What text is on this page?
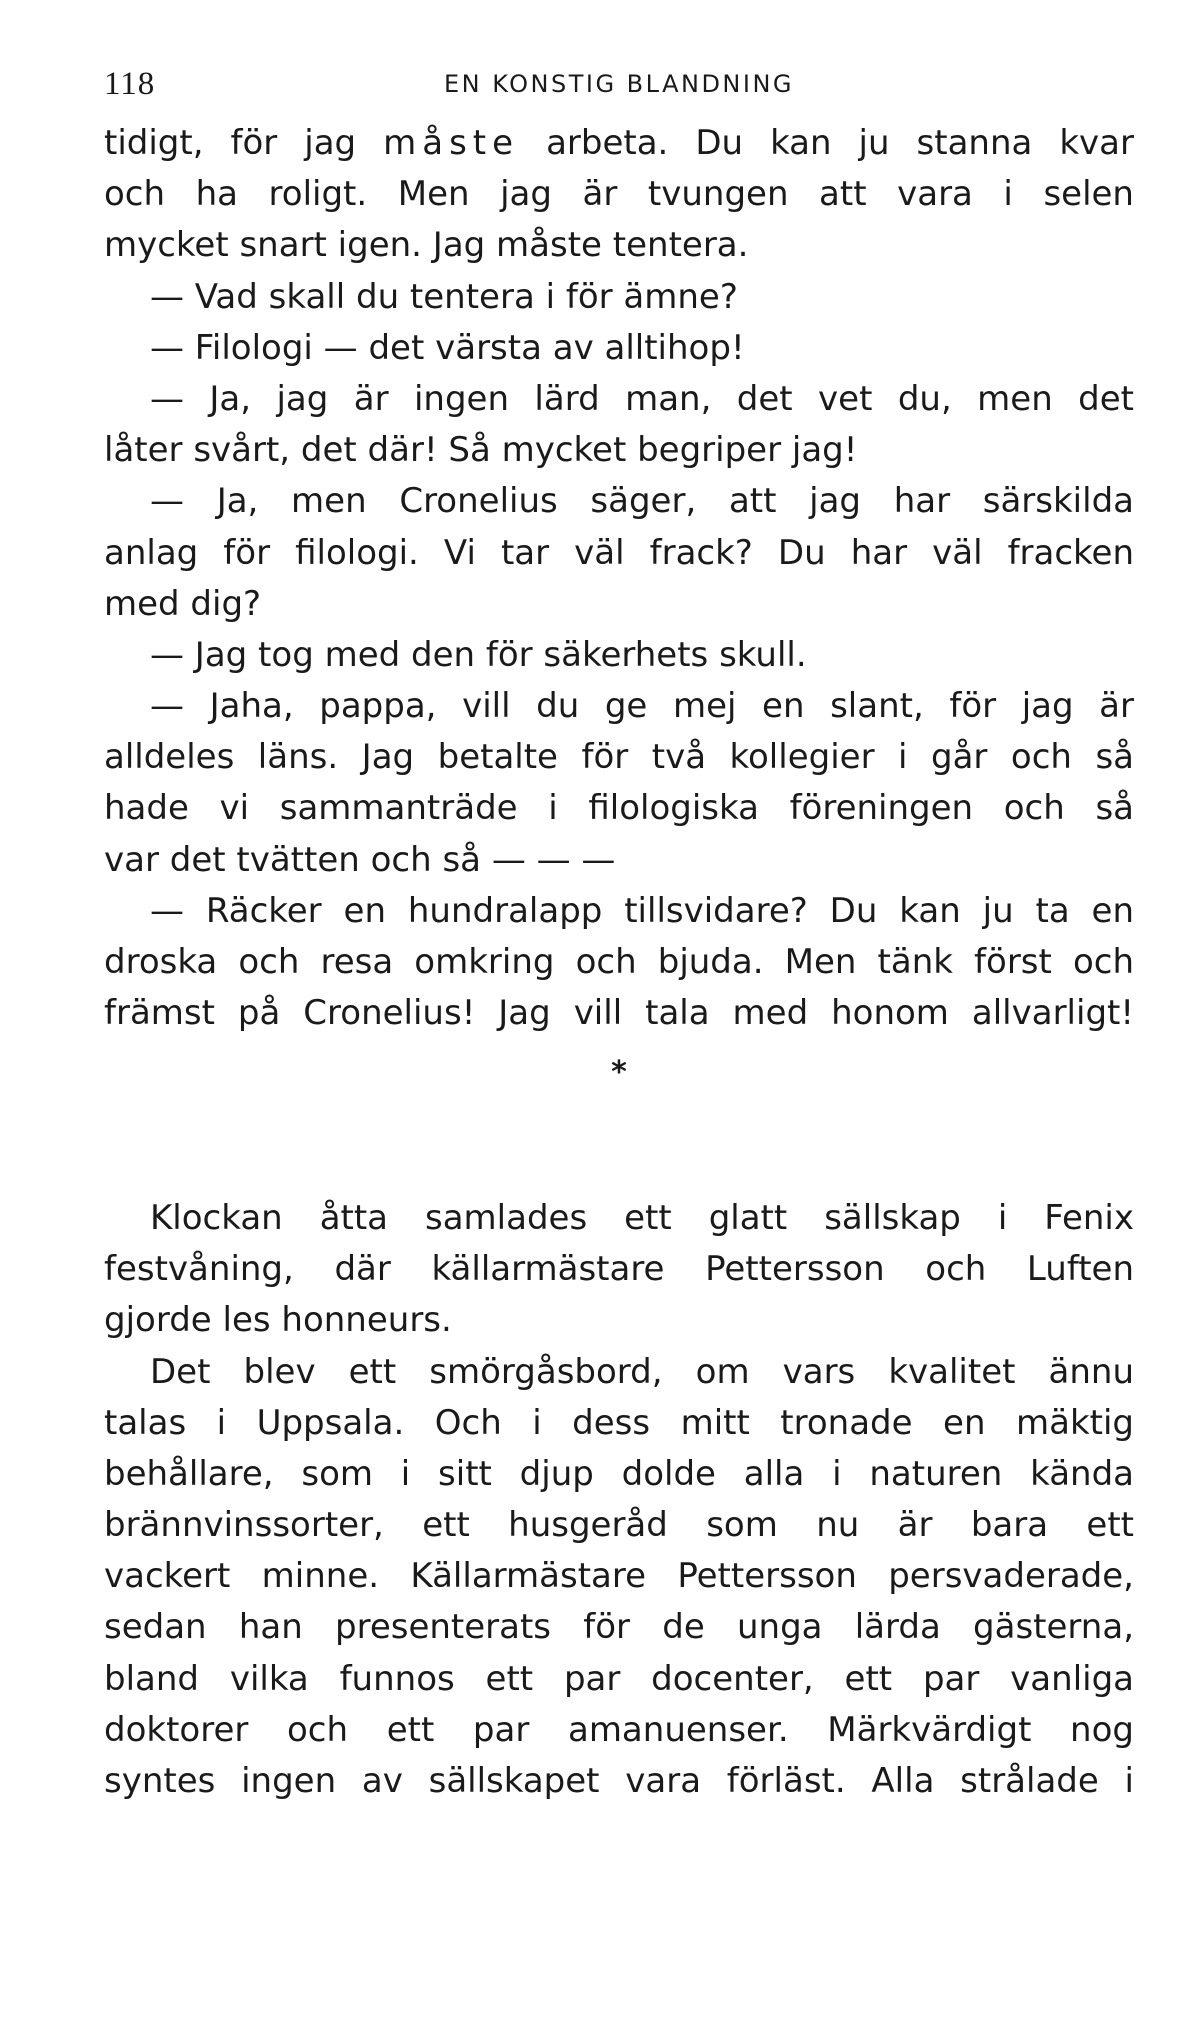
118	EN KONSTIG BLANDNING
tidigt, för jag måste arbeta. Du kan ju stanna kvar
och ha roligt. Men jag är tvungen att vara i selen
mycket snart igen. Jag måste tentera.
— Vad skall du tentera i för ämne?
— Filologi — det värsta av alltihop!
— Ja, jag är ingen lärd man, det vet du, men det
låter svårt, det där! Så mycket begriper jag!
— Ja, men Cronelius säger, att jag har särskilda
anlag för filologi. Vi tar väl frack? Du har väl fracken
med dig?
— Jag tog med den för säkerhets skull.
— Jaha, pappa, vill du ge mej en slant, för jag är
alldeles läns. Jag betalte för två kollegier i går och så
hade vi sammanträde i filologiska föreningen och så
var det tvätten och så — — —
— Räcker en hundralapp tillsvidare? Du kan ju ta en
droska och resa omkring och bjuda. Men tänk först och
främst på Cronelius! Jag vill tala med honom allvarligt!
*
Klockan åtta samlades ett glatt sällskap i Fenix
festvåning, där källarmästare Pettersson och Luften
gjorde les honneurs.
Det blev ett smörgåsbord, om vars kvalitet ännu
talas i Uppsala. Och i dess mitt tronade en mäktig
behållare, som i sitt djup dolde alla i naturen kända
brännvinssorter, ett husgeråd som nu är bara ett
vackert minne. Källarmästare Pettersson persvaderade,
sedan han presenterats för de unga lärda gästerna,
bland vilka funnos ett par docenter, ett par vanliga
doktorer och ett par amanuenser. Märkvärdigt nog
syntes ingen av sällskapet vara förläst. Alla strålade i
